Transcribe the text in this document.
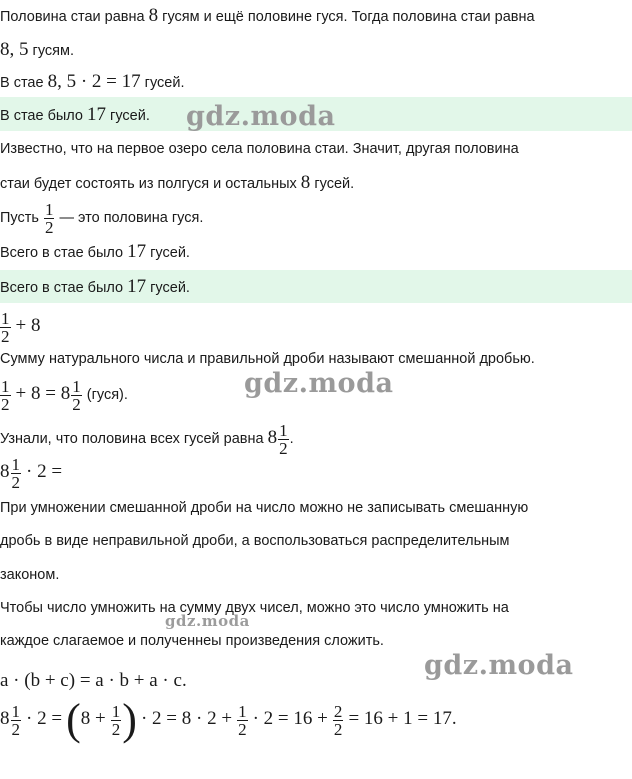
Половина стаи равна 8 гусям и ещё половине гуся. Тогда половина стаи равна
8, 5 гусям.
В стае 8, 5 · 2 = 17 гусей.
В стае было 17 гусей.
Известно, что на первое озеро села половина стаи. Значит, другая половина
стаи будет состоять из полгуся и остальных 8 гусей.
Пусть $\frac{1}{2}$ — это половина гуся.
Всего в стае было 17 гусей.
Всего в стае было 17 гусей.
$\frac{1}{2} + 8$
Сумму натурального числа и правильной дроби называют смешанной дробью.
$\frac{1}{2} + 8 = 8 \frac{1}{2}$ (гуся).
Узнали, что половина всех гусей равна $8 \frac{1}{2}$ .
$8 \frac{1}{2} \cdot 2$ =
При умножении смешанной дроби на число можно не записывать смешанную
дробь в виде неправильной дроби, а воспользоваться распределительным
законом.
Чтобы число умножить на сумму двух чисел, можно это число умножить на
каждое слагаемое и полученнеы произведения сложить.
a · (b + c) = a · b + a · c.
$8 \frac{1}{2} \cdot 2 = (8 + \frac{1}{2}$ ) · $2 = 8 \cdot 2 + \frac{1}{2} \cdot 2 = 16 + \frac{2}{2} = 16 + 1 = 17$.
gdz.moda
gdz.moda
gdz.moda
gdz.moda
